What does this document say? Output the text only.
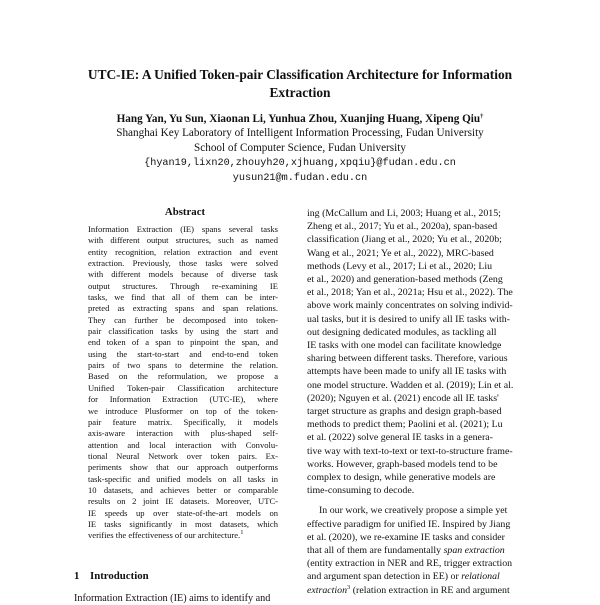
UTC-IE: A Unified Token-pair Classification Architecture for Information
Extraction
Hang Yan, Yu Sun, Xiaonan Li, Yunhua Zhou, Xuanjing Huang, Xipeng Qiu†
Shanghai Key Laboratory of Intelligent Information Processing, Fudan University
School of Computer Science, Fudan University
{hyan19,lixn20,zhouyh20,xjhuang,xpqiu}@fudan.edu.cn
yusun21@m.fudan.edu.cn
Abstract
Information Extraction (IE) spans several tasks
with different output structures, such as named
entity recognition, relation extraction and event
extraction. Previously, those tasks were solved
with different models because of diverse task
output structures. Through re-examining IE
tasks, we find that all of them can be inter-
preted as extracting spans and span relations.
They can further be decomposed into token-
pair classification tasks by using the start and
end token of a span to pinpoint the span, and
using the start-to-start and end-to-end token
pairs of two spans to determine the relation.
Based on the reformulation, we propose a
Unified Token-pair Classification architecture
for Information Extraction (UTC-IE), where
we introduce Plusformer on top of the token-
pair feature matrix. Specifically, it models
axis-aware interaction with plus-shaped self-
attention and local interaction with Convolu-
tional Neural Network over token pairs. Ex-
periments show that our approach outperforms
task-specific and unified models on all tasks in
10 datasets, and achieves better or comparable
results on 2 joint IE datasets. Moreover, UTC-
IE speeds up over state-of-the-art models on
IE tasks significantly in most datasets, which
verifies the effectiveness of our architecture.$^1$
1 Introduction
Information Extraction (IE) aims to identify and
ing (McCallum and Li, 2003; Huang et al., 2015;
Zheng et al., 2017; Yu et al., 2020a), span-based
classification (Jiang et al., 2020; Yu et al., 2020b;
Wang et al., 2021; Ye et al., 2022), MRC-based
methods (Levy et al., 2017; Li et al., 2020; Liu
et al., 2020) and generation-based methods (Zeng
et al., 2018; Yan et al., 2021a; Hsu et al., 2022). The
above work mainly concentrates on solving individ-
ual tasks, but it is desired to unify all IE tasks with-
out designing dedicated modules, as tackling all
IE tasks with one model can facilitate knowledge
sharing between different tasks. Therefore, various
attempts have been made to unify all IE tasks with
one model structure. Wadden et al. (2019); Lin et al.
(2020); Nguyen et al. (2021) encode all IE tasks'
target structure as graphs and design graph-based
methods to predict them; Paolini et al. (2021); Lu
et al. (2022) solve general IE tasks in a genera-
tive way with text-to-text or text-to-structure frame-
works. However, graph-based models tend to be
complex to design, while generative models are
time-consuming to decode.
In our work, we creatively propose a simple yet
effective paradigm for unified IE. Inspired by Jiang
et al. (2020), we re-examine IE tasks and consider
that all of them are fundamentally span extraction
(entity extraction in NER and RE, trigger extraction
and argument span detection in EE) or relational
extraction$^3$ (relation extraction in RE and argument
